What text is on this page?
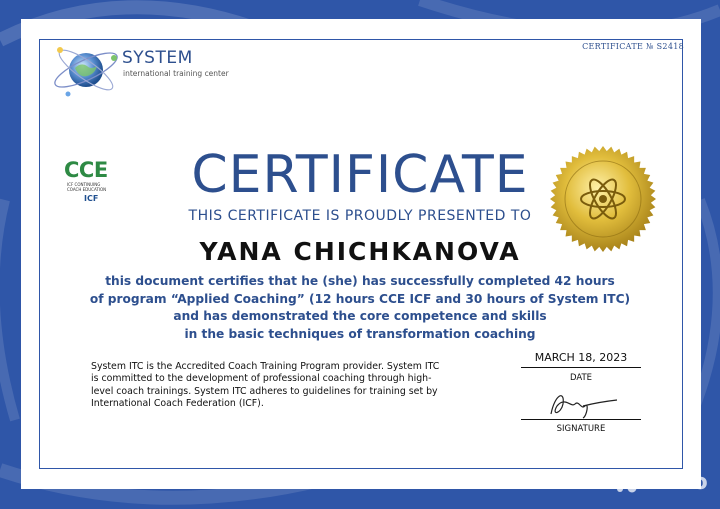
SYSTEM
international training center
CERTIFICATE № S2418
CCE
ICF CONTINUING
COACH EDUCATION
ICF	CERTIFICATE
THIS CERTIFICATE IS PROUDLY PRESENTED TO
YANA CHICHKANOVA
this document certifies that he (she) has successfully completed 42 hours
of program “Applied Coaching” (12 hours CCE ICF and 30 hours of System ITC)
and has demonstrated the core competence and skills
in the basic techniques of transformation coaching
System ITC is the Accredited Coach Training Program provider. System ITC
is committed to the development of professional coaching through high-
level coach trainings. System ITC adheres to guidelines for training set by
International Coach Federation (ICF).
MARCH 18, 2023
DATE
SIGNATURE
Avito
